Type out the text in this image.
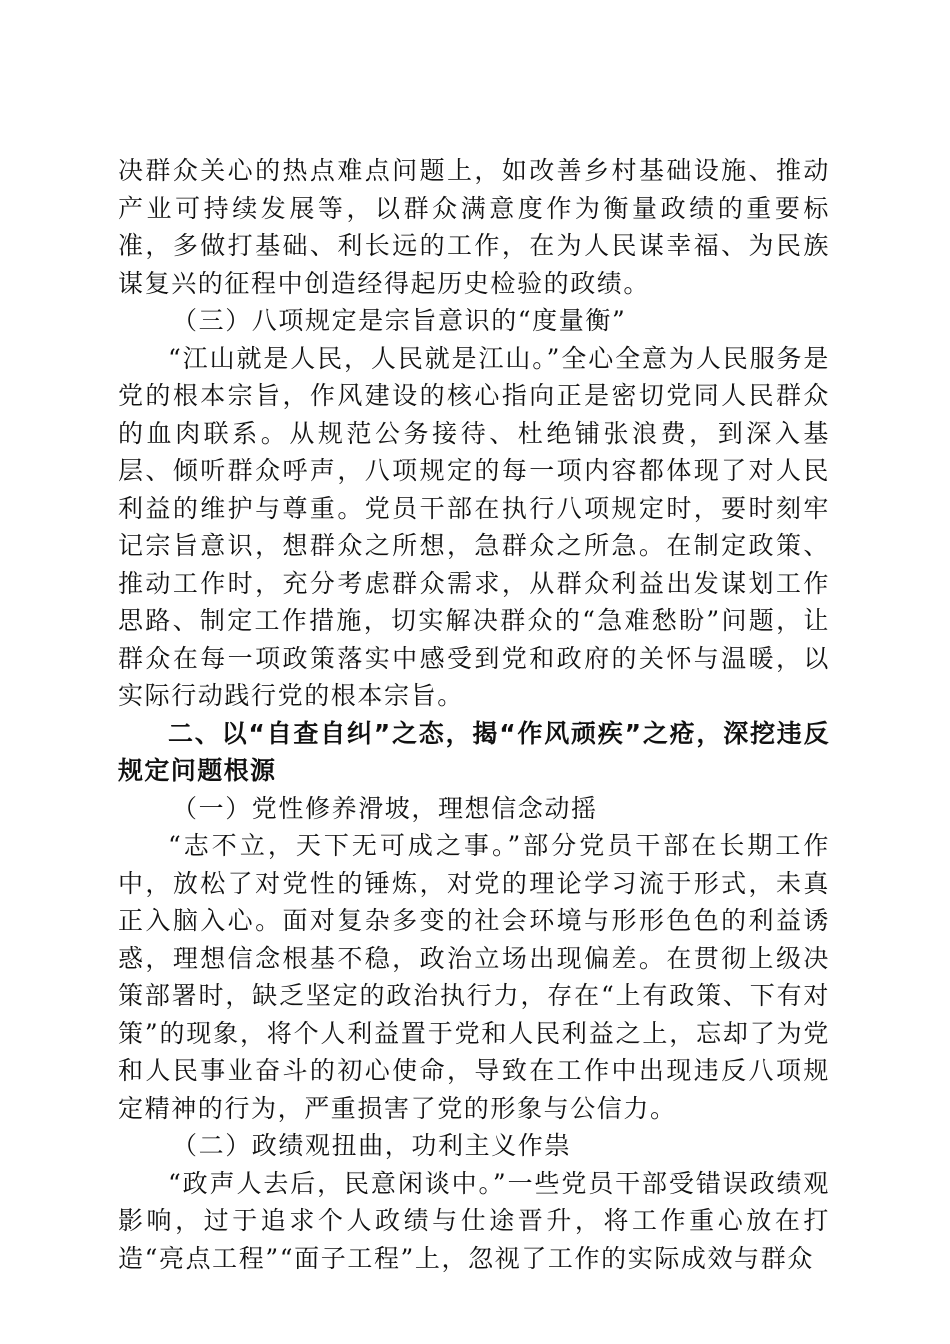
决群众关心的热点难点问题上，如改善乡村基础设施、推动产业可持续发展等，以群众满意度作为衡量政绩的重要标准，多做打基础、利长远的工作，在为人民谋幸福、为民族谋复兴的征程中创造经得起历史检验的政绩。

（三）八项规定是宗旨意识的“度量衡”

“江山就是人民，人民就是江山。”全心全意为人民服务是党的根本宗旨，作风建设的核心指向正是密切党同人民群众的血肉联系。从规范公务接待、杜绝铺张浪费，到深入基层、倾听群众呼声，八项规定的每一项内容都体现了对人民利益的维护与尊重。党员干部在执行八项规定时，要时刻牢记宗旨意识，想群众之所想，急群众之所急。在制定政策、推动工作时，充分考虑群众需求，从群众利益出发谋划工作思路、制定工作措施，切实解决群众的“急难愁盼”问题，让群众在每一项政策落实中感受到党和政府的关怀与温暖，以实际行动践行党的根本宗旨。

二、以“自查自纠”之态，揭“作风顽疾”之疮，深挖违反规定问题根源

（一）党性修养滑坡，理想信念动摇

“志不立，天下无可成之事。”部分党员干部在长期工作中，放松了对党性的锤炼，对党的理论学习流于形式，未真正入脑入心。面对复杂多变的社会环境与形形色色的利益诱惑，理想信念根基不稳，政治立场出现偏差。在贯彻上级决策部署时，缺乏坚定的政治执行力，存在“上有政策、下有对策”的现象，将个人利益置于党和人民利益之上，忘却了为党和人民事业奋斗的初心使命，导致在工作中出现违反八项规定精神的行为，严重损害了党的形象与公信力。

（二）政绩观扭曲，功利主义作祟

“政声人去后，民意闲谈中。”一些党员干部受错误政绩观影响，过于追求个人政绩与仕途晋升，将工作重心放在打造“亮点工程”“面子工程”上，忽视了工作的实际成效与群众
